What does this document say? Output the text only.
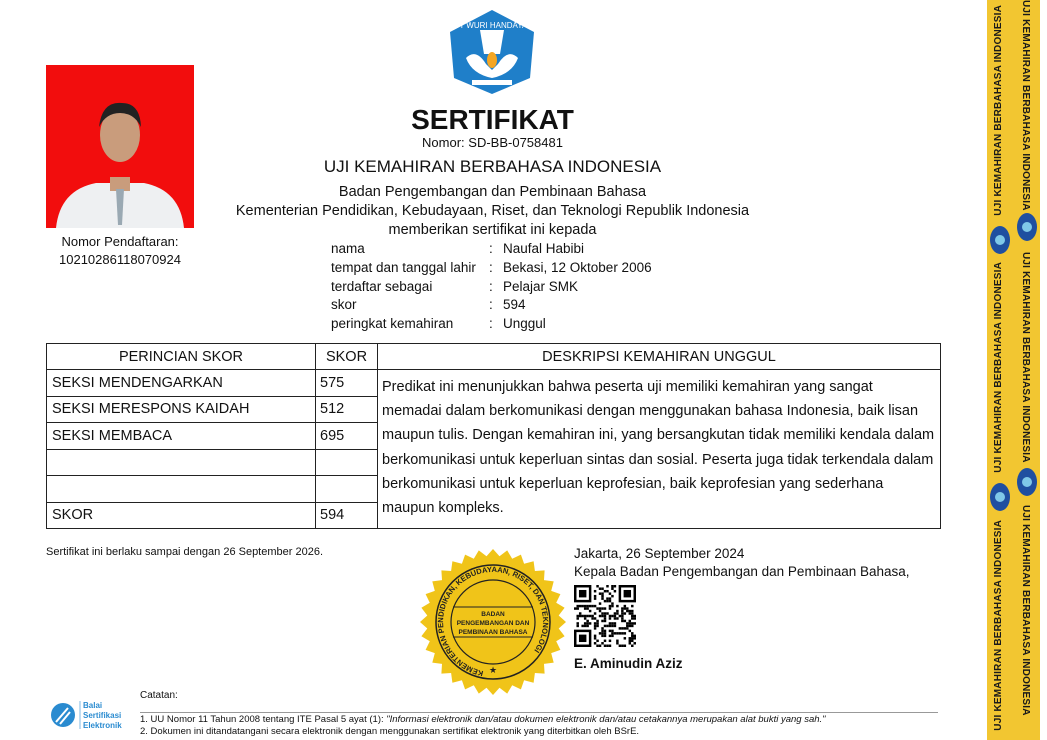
TUT WURI HANDAYANI
Nomor Pendaftaran:
10210286118070924
SERTIFIKAT
Nomor: SD-BB-0758481
UJI KEMAHIRAN BERBAHASA INDONESIA
Badan Pengembangan dan Pembinaan Bahasa
Kementerian Pendidikan, Kebudayaan, Riset, dan Teknologi Republik Indonesia
memberikan sertifikat ini kepada
nama	: Naufal Habibi
tempat dan tanggal lahir : Bekasi, 12 Oktober 2006
terdaftar sebagai	: Pelajar SMK
skor	: 594
peringkat kemahiran	: Unggul
PERINCIAN SKOR	SKOR	DESKRIPSI KEMAHIRAN UNGGUL
SEKSI MENDENGARKAN	575	Predikat ini menunjukkan bahwa peserta uji memiliki kemahiran yang sangat memadai dalam berkomunikasi dengan menggunakan bahasa Indonesia, baik lisan maupun tulis. Dengan kemahiran ini, yang bersangkutan tidak memiliki kendala dalam berkomunikasi untuk keperluan sintas dan sosial. Peserta juga tidak terkendala dalam berkomunikasi untuk keperluan keprofesian, baik keprofesian yang sederhana maupun kompleks.
SEKSI MERESPONS KAIDAH	512	
SEKSI MEMBACA	695	

SKOR	594	
Sertifikat ini berlaku sampai dengan 26 September 2026.
KEMENTERIAN PENDIDIKAN, KEBUDAYAAN, RISET, DAN TEKNOLOGI
BADAN
PENGEMBANGAN DAN
PEMBINAAN BAHASA
★
Jakarta, 26 September 2024
Kepala Badan Pengembangan dan Pembinaan Bahasa,
E. Aminudin Aziz
Balai
Sertifikasi
Elektronik
Catatan:
1. UU Nomor 11 Tahun 2008 tentang ITE Pasal 5 ayat (1): "Informasi elektronik dan/atau dokumen elektronik dan/atau cetakannya merupakan alat bukti yang sah."
2. Dokumen ini ditandatangani secara elektronik dengan menggunakan sertifikat elektronik yang diterbitkan oleh BSrE.
UJI KEMAHIRAN BERBAHASA INDONESIA
UJI KEMAHIRAN BERBAHASA INDONESIA
UJI KEMAHIRAN BERBAHASA INDONESIA
UJI KEMAHIRAN BERBAHASA INDONESIA
UJI KEMAHIRAN BERBAHASA INDONESIA
UJI KEMAHIRAN BERBAHASA INDONESIA
